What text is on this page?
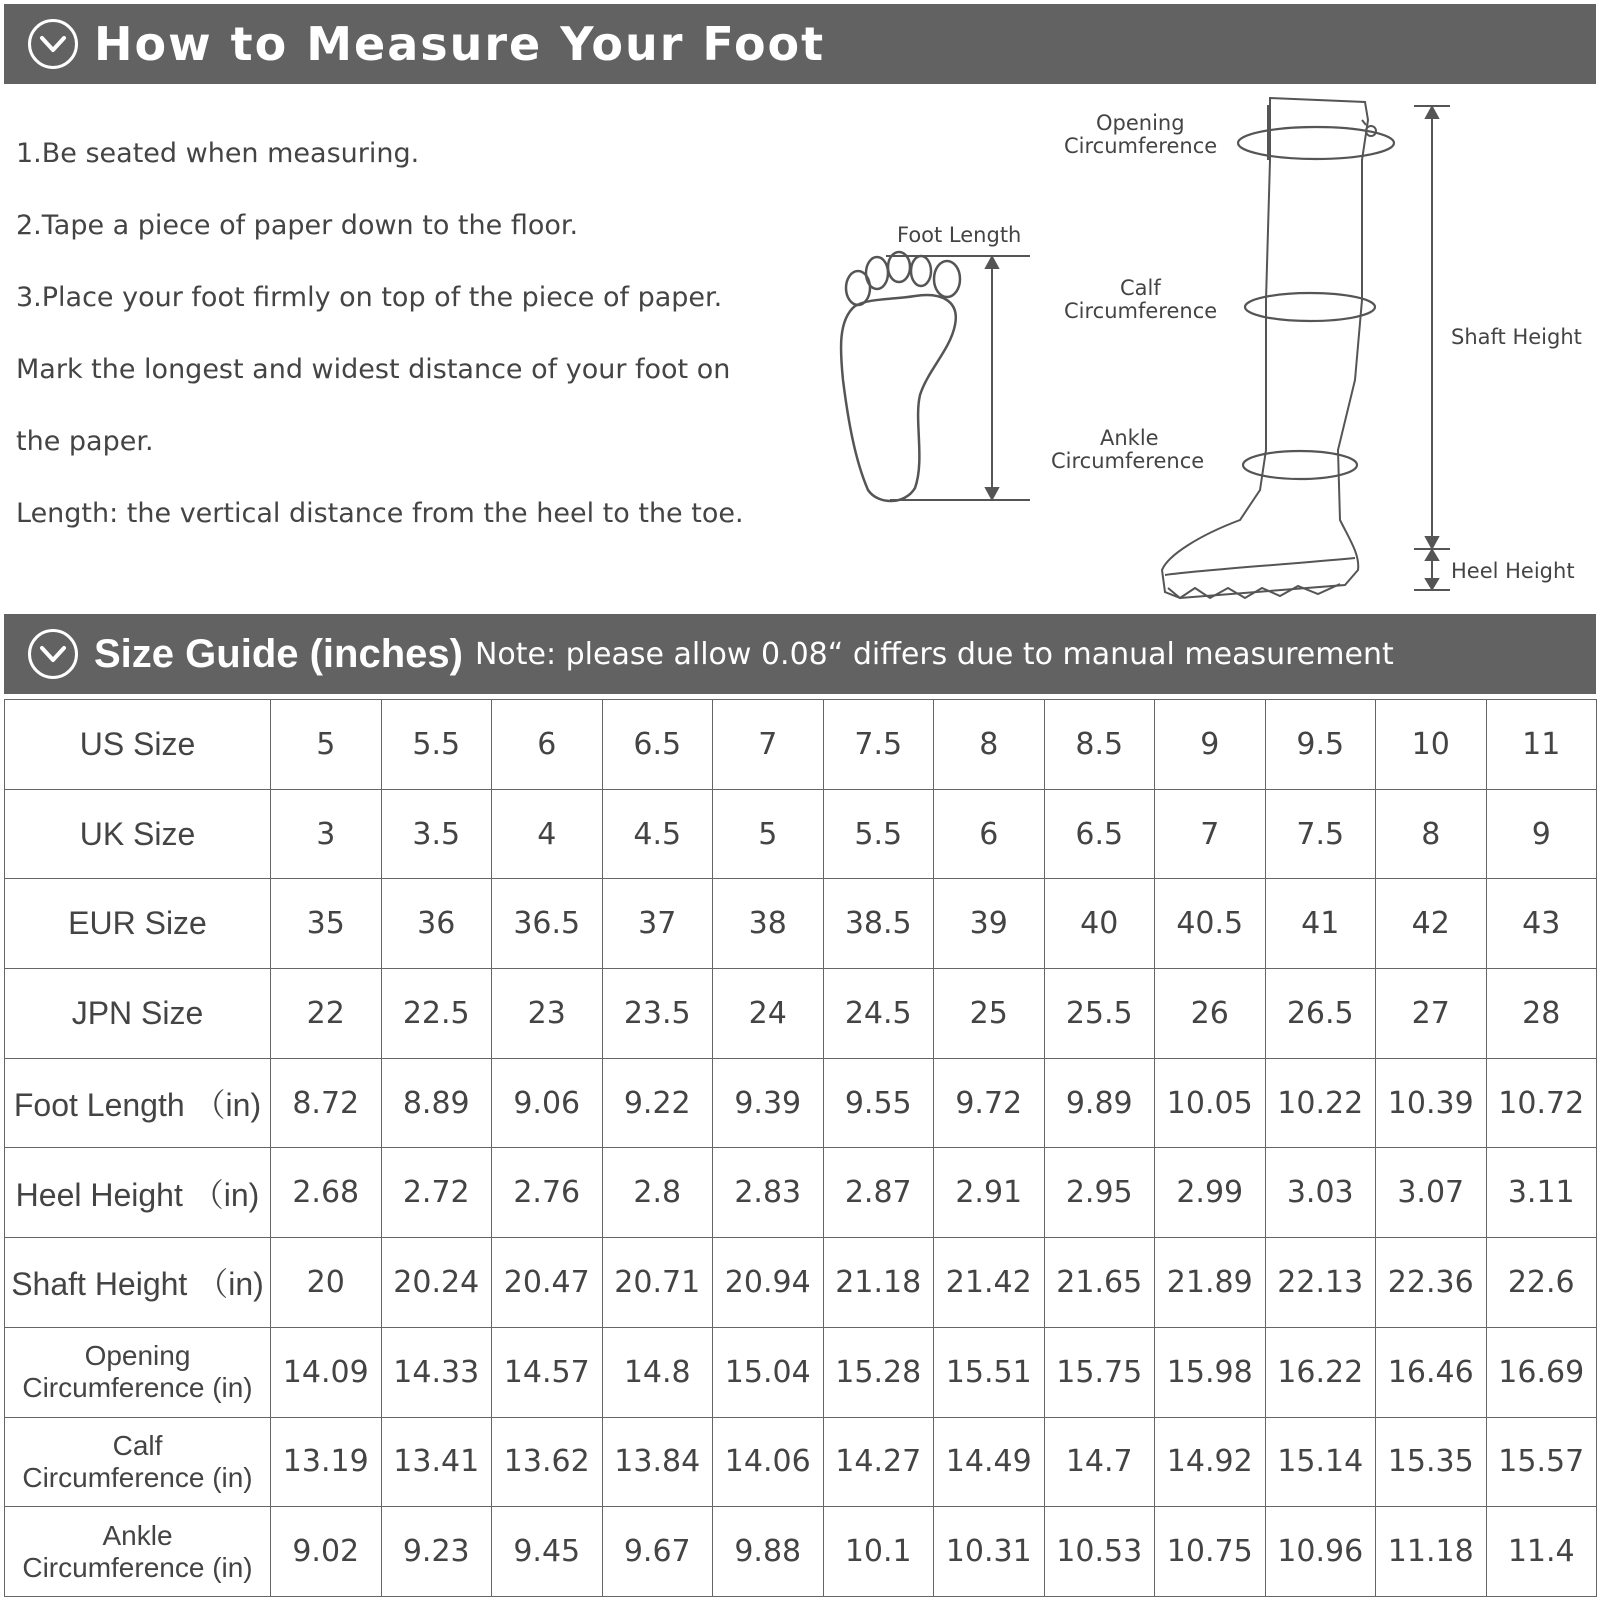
How to Measure Your Foot

1.Be seated when measuring.

2.Tape a piece of paper down to the floor.

3.Place your foot firmly on top of the piece of paper.

Mark the longest and widest distance of your foot on

the paper.

Length: the vertical distance from the heel to the toe.

Foot Length
Opening
Circumference
Calf
Circumference
Ankle
Circumference
Shaft Height
Heel Height
Size Guide (inches) Note: please allow 0.08“ differs due to manual measurement
US Size	5	5.5	6	6.5	7	7.5	8	8.5	9	9.5	10	11
UK Size	3	3.5	4	4.5	5	5.5	6	6.5	7	7.5	8	9
EUR Size	35	36	36.5	37	38	38.5	39	40	40.5	41	42	43
JPN Size	22	22.5	23	23.5	24	24.5	25	25.5	26	26.5	27	28
Foot Length （in)	8.72	8.89	9.06	9.22	9.39	9.55	9.72	9.89	10.05	10.22	10.39	10.72
Heel Height （in)	2.68	2.72	2.76	2.8	2.83	2.87	2.91	2.95	2.99	3.03	3.07	3.11
Shaft Height （in)	20	20.24	20.47	20.71	20.94	21.18	21.42	21.65	21.89	22.13	22.36	22.6

Opening
Circumference (in)	14.09	14.33	14.57	14.8	15.04	15.28	15.51	15.75	15.98	16.22	16.46	16.69

Calf
Circumference (in)	13.19	13.41	13.62	13.84	14.06	14.27	14.49	14.7	14.92	15.14	15.35	15.57

Ankle
Circumference (in)	9.02	9.23	9.45	9.67	9.88	10.1	10.31	10.53	10.75	10.96	11.18	11.4
